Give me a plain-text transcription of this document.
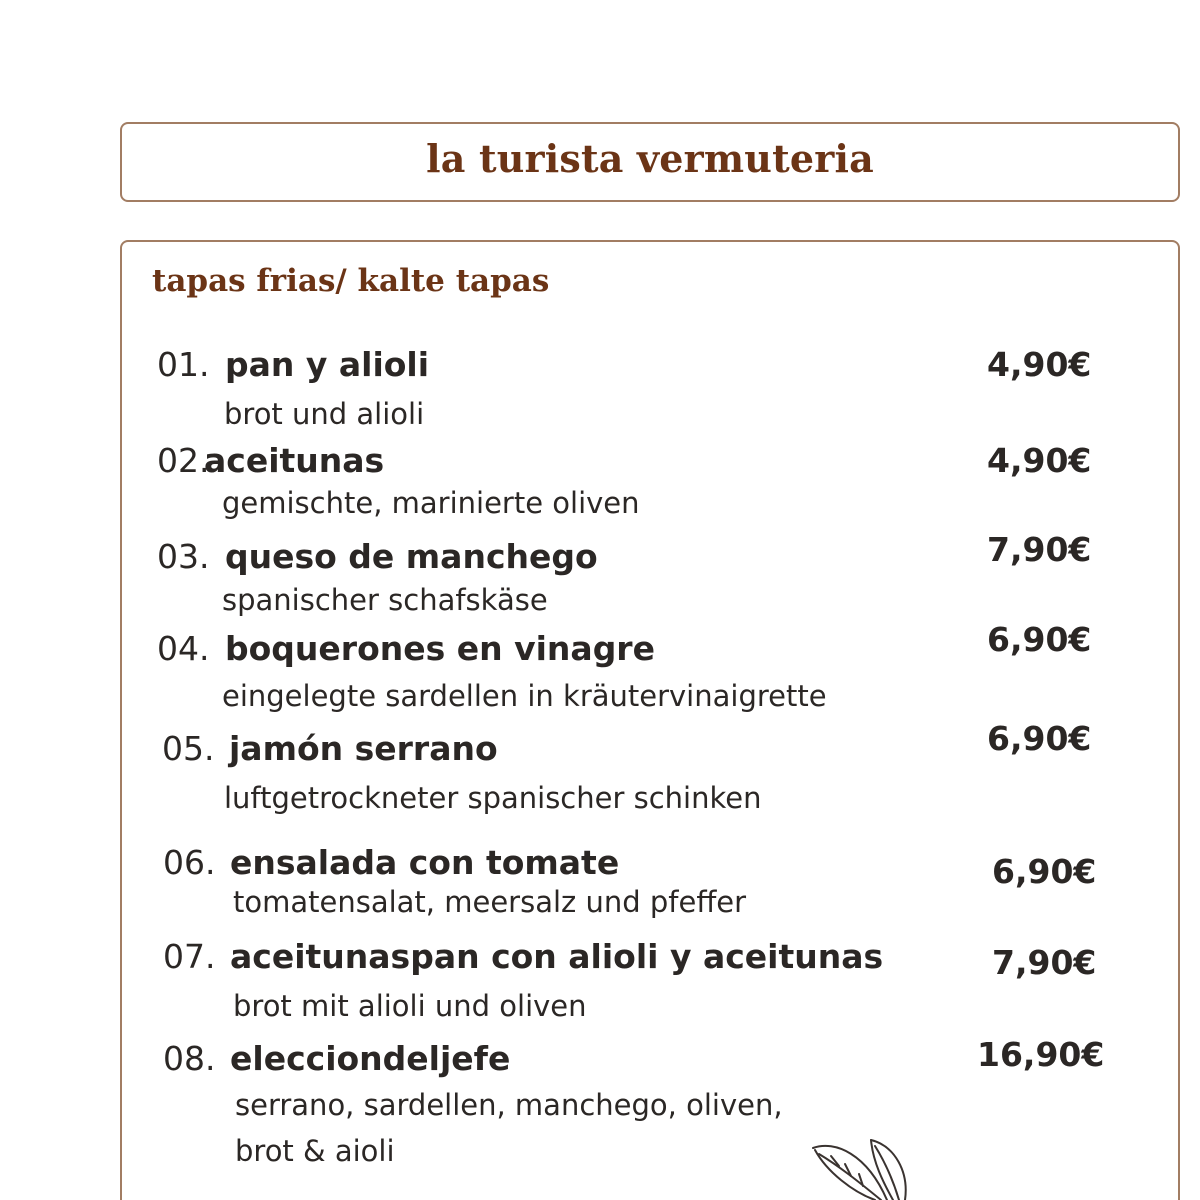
la turista vermuteria
tapas frias/ kalte tapas
01. pan y alioli
brot und alioli
4,90€
02.
aceitunas
gemischte, marinierte oliven
4,90€
03. queso de manchego
spanischer schafskäse
7,90€
04. boquerones en vinagre
eingelegte sardellen in kräutervinaigrette
6,90€
05. jamón serrano
luftgetrockneter spanischer schinken
6,90€
06. ensalada con tomate
tomatensalat, meersalz und pfeffer
6,90€
07. aceitunaspan con alioli y aceitunas
brot mit alioli und oliven
7,90€
08. elecciondeljefe
serrano, sardellen, manchego, oliven,
brot & aioli
16,90€
